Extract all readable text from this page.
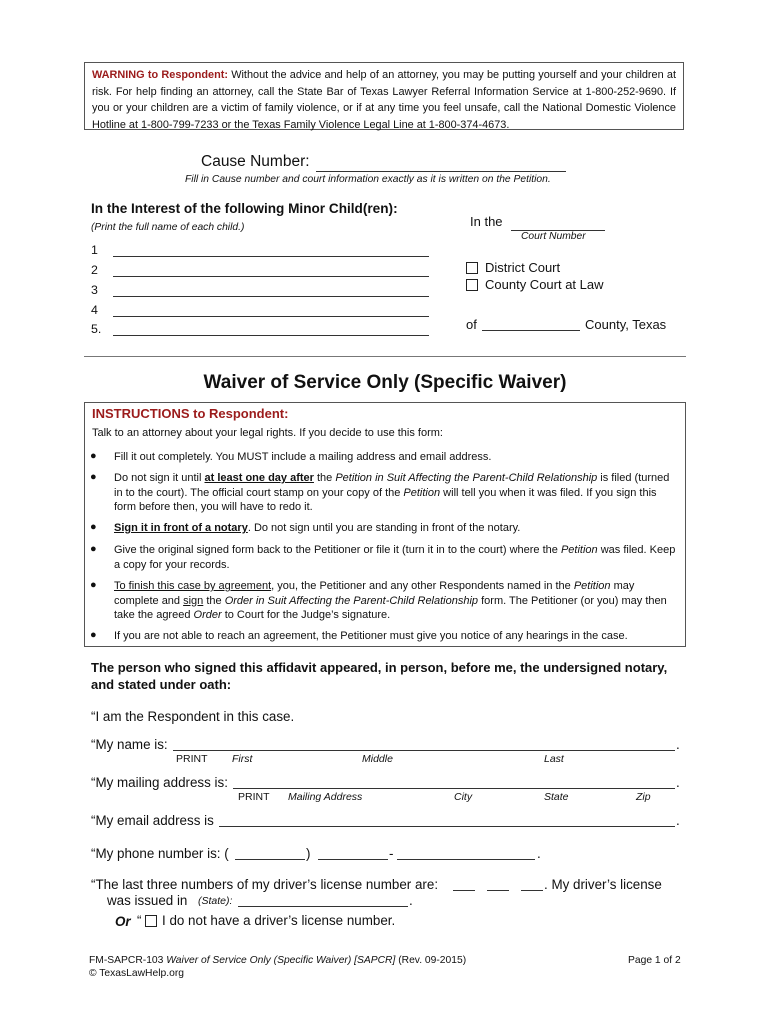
WARNING to Respondent: Without the advice and help of an attorney, you may be putting yourself and your children at risk. For help finding an attorney, call the State Bar of Texas Lawyer Referral Information Service at 1-800-252-9690. If you or your children are a victim of family violence, or if at any time you feel unsafe, call the National Domestic Violence Hotline at 1-800-799-7233 or the Texas Family Violence Legal Line at 1-800-374-4673.
Cause Number:
Fill in Cause number and court information exactly as it is written on the Petition.
In the Interest of the following Minor Child(ren):
(Print the full name of each child.)
1
2
3
4
5.
In the
Court Number
District Court
County Court at Law
of	County, Texas
Waiver of Service Only (Specific Waiver)
INSTRUCTIONS to Respondent:
Talk to an attorney about your legal rights. If you decide to use this form:
● Fill it out completely. You MUST include a mailing address and email address.
● Do not sign it until at least one day after the Petition in Suit Affecting the Parent-Child Relationship is filed (turned in to the court). The official court stamp on your copy of the Petition will tell you when it was filed. If you sign this form before then, you will have to redo it.
● Sign it in front of a notary. Do not sign until you are standing in front of the notary.
● Give the original signed form back to the Petitioner or file it (turn it in to the court) where the Petition was filed. Keep a copy for your records.
● To finish this case by agreement, you, the Petitioner and any other Respondents named in the Petition may complete and sign the Order in Suit Affecting the Parent-Child Relationship form. The Petitioner (or you) may then take the agreed Order to Court for the Judge’s signature.
● If you are not able to reach an agreement, the Petitioner must give you notice of any hearings in the case.
The person who signed this affidavit appeared, in person, before me, the undersigned notary, and stated under oath:
“I am the Respondent in this case.
“My name is:	.
PRINT First	Middle	Last
“My mailing address is:	.
PRINT Mailing Address	City	State	Zip
“My email address is	.
“My phone number is: (	)	-	.
“The last three numbers of my driver’s license number are:	. My driver’s license
was issued in (State):	.
Or “ I do not have a driver’s license number.
FM-SAPCR-103 Waiver of Service Only (Specific Waiver) [SAPCR] (Rev. 09-2015)
© TexasLawHelp.org
Page 1 of 2
